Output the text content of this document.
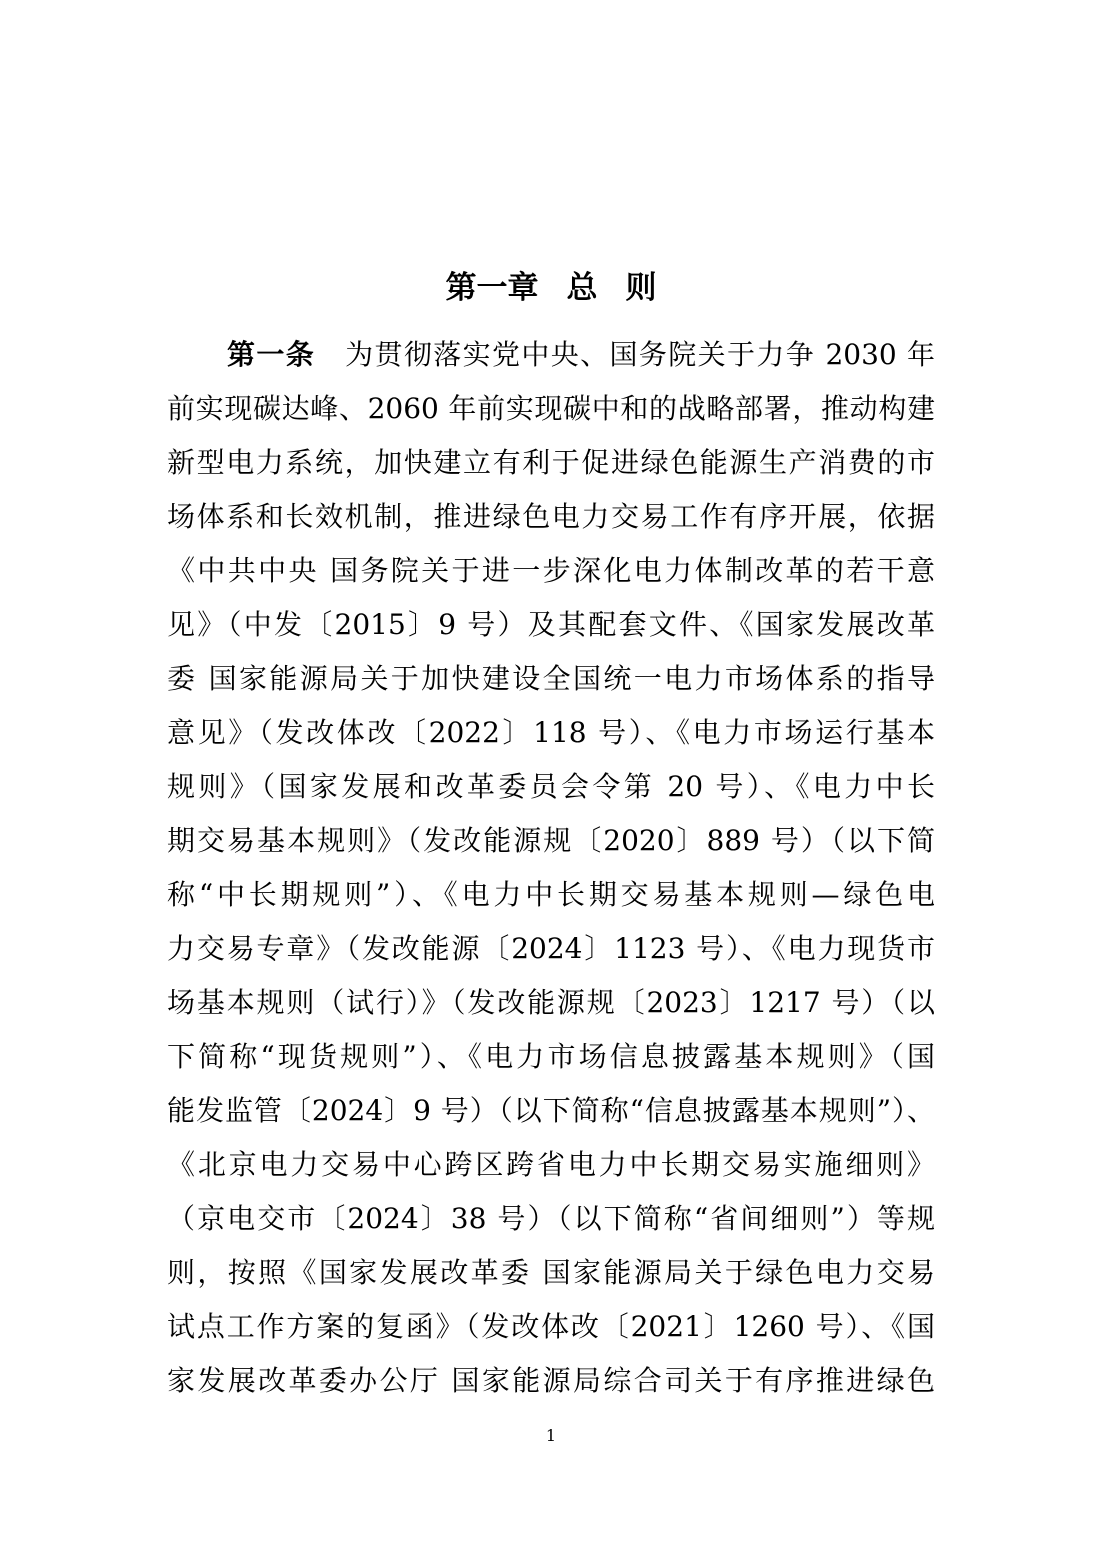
第一章 总 则
第一条 为贯彻落实党中央、国务院关于力争 2030 年
前实现碳达峰、2060 年前实现碳中和的战略部署，推动构建
新型电力系统，加快建立有利于促进绿色能源生产消费的市
场体系和长效机制，推进绿色电力交易工作有序开展，依据
《中共中央 国务院关于进一步深化电力体制改革的若干意
见》（中发〔2015〕9 号）及其配套文件、《国家发展改革
委 国家能源局关于加快建设全国统一电力市场体系的指导
意见》（发改体改〔2022〕118 号）、《电力市场运行基本
规则》（国家发展和改革委员会令第 20 号）、《电力中长
期交易基本规则》（发改能源规〔2020〕889 号）（以下简
称“中长期规则”）、《电力中长期交易基本规则—绿色电
力交易专章》（发改能源〔2024〕1123 号）、《电力现货市
场基本规则（试行）》（发改能源规〔2023〕1217 号）（以
下简称“现货规则”）、《电力市场信息披露基本规则》（国
能发监管〔2024〕9 号）（以下简称“信息披露基本规则”）、
《北京电力交易中心跨区跨省电力中长期交易实施细则》
（京电交市〔2024〕38 号）（以下简称“省间细则”）等规
则，按照《国家发展改革委 国家能源局关于绿色电力交易
试点工作方案的复函》（发改体改〔2021〕1260 号）、《国
家发展改革委办公厅 国家能源局综合司关于有序推进绿色
1
